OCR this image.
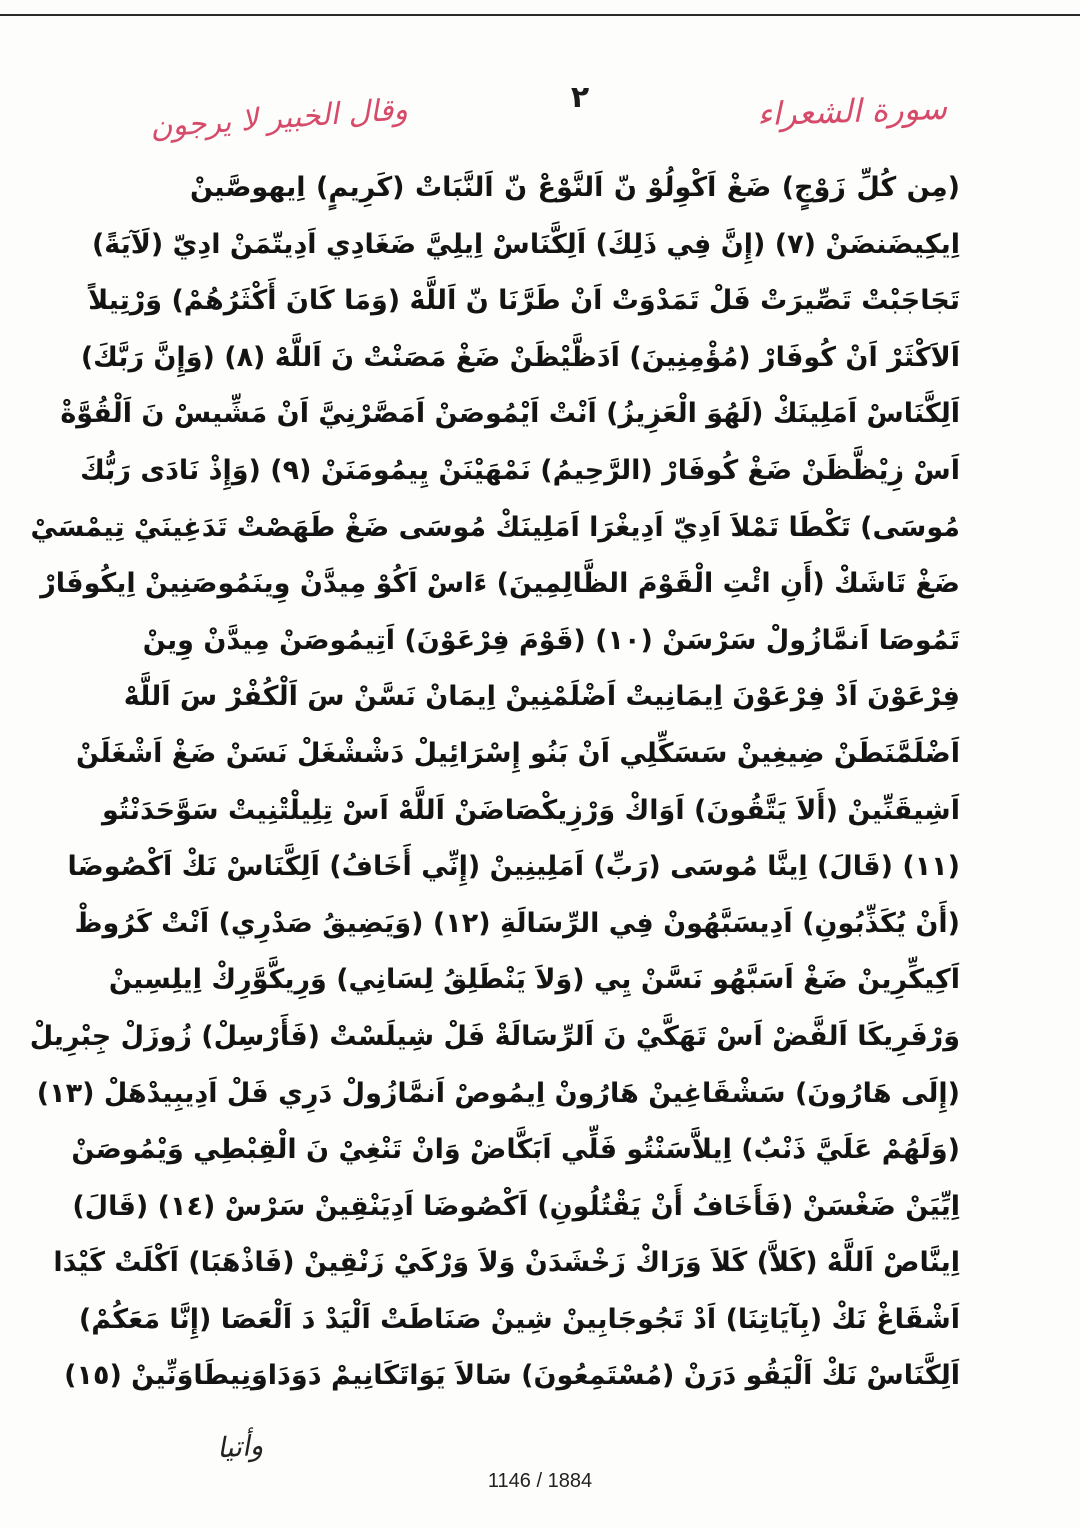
وقال الخبير لا يرجون	٢	سورة الشعراء
(مِن كُلِّ زَوْجٍ) ضَغْ اَكْوِلُوْ نّ اَلنَّوْعْ نّ اَلنَّبَاتْ (كَرِيمٍ) اِيهوصَّينْ
اِيكِيضَنضَنْ (٧) (إِنَّ فِي ذَلِكَ) اَلِكَّنَاسْ اِيلِيَّ ضَغَادِي اَدِيتّمَنْ ادِيّ (لَآيَةً)
تَجَاجَبْتْ تَصِّيرَتْ فَلْ تَمَدْوَتْ اَنْ طَرَّنَا نّ اَللَّهْ (وَمَا كَانَ أَكْثَرُهُمْ) وَرْتِيلاً
اَلاَكْثَرْ اَنْ كُوفَارْ (مُؤْمِنِينَ) اَدَظَّيْظَنْ ضَغْ مَصَنْتْ نَ اَللَّهْ (٨) (وَإِنَّ رَبَّكَ)
اَلِكَّنَاسْ اَمَلِينَكْ (لَهُوَ الْعَزِيزُ) اَنْتْ اَيْمُوصَنْ اَمَصَّرْنِيَّ اَنْ مَشِّيسْ نَ اَلْقُوَّةْ
اَسْ زِيْظَّظَنْ ضَغْ كُوفَارْ (الرَّحِيمُ) نَمْهَيْنَنْ يِيمُومَنَنْ (٩) (وَإِذْ نَادَى رَبُّكَ
مُوسَى) تَكْطَا تَمْلاَ اَدِيّ اَدِيغْرَا اَمَلِينَكْ مُوسَى ضَغْ طَهَصْتْ تَدَغِينَيْ تِيمْسَيْ
ضَغْ تَاشَكْ (أَنِ ائْتِ الْقَوْمَ الظَّالِمِينَ) ءَاسْ اَكُوْ مِيدَّنْ وِينَمُوصَنِينْ اِيكُوفَارْ
تَمُوصَا اَنمَّازُولْ سَرْسَنْ (١٠) (قَوْمَ فِرْعَوْنَ) اَتِيمُوصَنْ مِيدَّنْ وِينْ
فِرْعَوْنَ اَدْ فِرْعَوْنَ اِيمَانِيتْ اَضْلَمْنِينْ اِيمَانْ نَسَّنْ سَ اَلْكُفْرْ سَ اَللَّهْ
اَضْلَمَّنَطَنْ ضِيغِينْ سَسَكِّلِي اَنْ بَنُو إِسْرَائِيلْ دَشْشْغَلْ نَسَنْ ضَغْ اَشْغَلَنْ
اَشِيقَنِّينْ (أَلاَ يَتَّقُونَ) اَوَاكْ وَرْزِيكْصَاضَنْ اَللَّهْ اَسْ تِلِيلْتْنِيتْ سَوَّحَدَنْتُو
(١١) (قَالَ) اِينَّا مُوسَى (رَبِّ) اَمَلِينِينْ (إِنِّي أَخَافُ) اَلِكَّنَاسْ نَكْ اَكْصُوضَا
(أَنْ يُكَذِّبُونِ) اَدِيسَبَّهُونْ فِي الرِّسَالَةِ (١٢) (وَيَضِيقُ صَدْرِي) اَنْتْ كَرُوظْ
اَكِيكِّرِينْ ضَغْ اَسَبَّهُو نَسَّنْ يِي (وَلاَ يَنْطَلِقُ لِسَانِي) وَرِيكَّوَّرِكْ اِيلِسِينْ
وَرْفَرِيكَا اَلفَّضْ اَسْ تَهَكَّيْ نَ اَلرِّسَالَةْ فَلْ شِيلَسْتْ (فَأَرْسِلْ) زُوزَلْ جِبْرِيلْ
(إِلَى هَارُونَ) سَشْقَاغِينْ هَارُونْ اِيمُوصْ اَنمَّازُولْ دَرِي فَلْ اَدِيبِيدْهَلْ (١٣)
(وَلَهُمْ عَلَيَّ ذَنْبٌ) اِيلاَّسَنْتُو فَلِّي اَبَكَّاضْ وَانْ تَنْغِيْ نَ الْقِبْطِي وَيْمُوصَنْ
اِيِّيَنْ ضَغْسَنْ (فَأَخَافُ أَنْ يَقْتُلُونِ) اَكْصُوضَا اَدِيَنْقِينْ سَرْسْ (١٤) (قَالَ)
اِينَّاصْ اَللَّهْ (كَلاَّ) كَلاَ وَرَاكْ زَخْشَدَنْ وَلاَ وَرْكَيْ زَنْقِينْ (فَاذْهَبَا) اَكْلَتْ كَيْدَا
اَشْقَاغْ نَكْ (بِآيَاتِنَا) اَدْ تَجُوجَابِينْ شِينْ صَنَاطَتْ اَلْيَدْ دَ اَلْعَصَا (إِنَّا مَعَكُمْ)
اَلِكَّنَاسْ نَكْ اَلْيَقُو دَرَنْ (مُسْتَمِعُونَ) سَالاَ يَوَاتَكَانِيمْ دَوَدَاوَنِيطَاوَنِّينْ (١٥)
وأتيا
1146 / 1884
